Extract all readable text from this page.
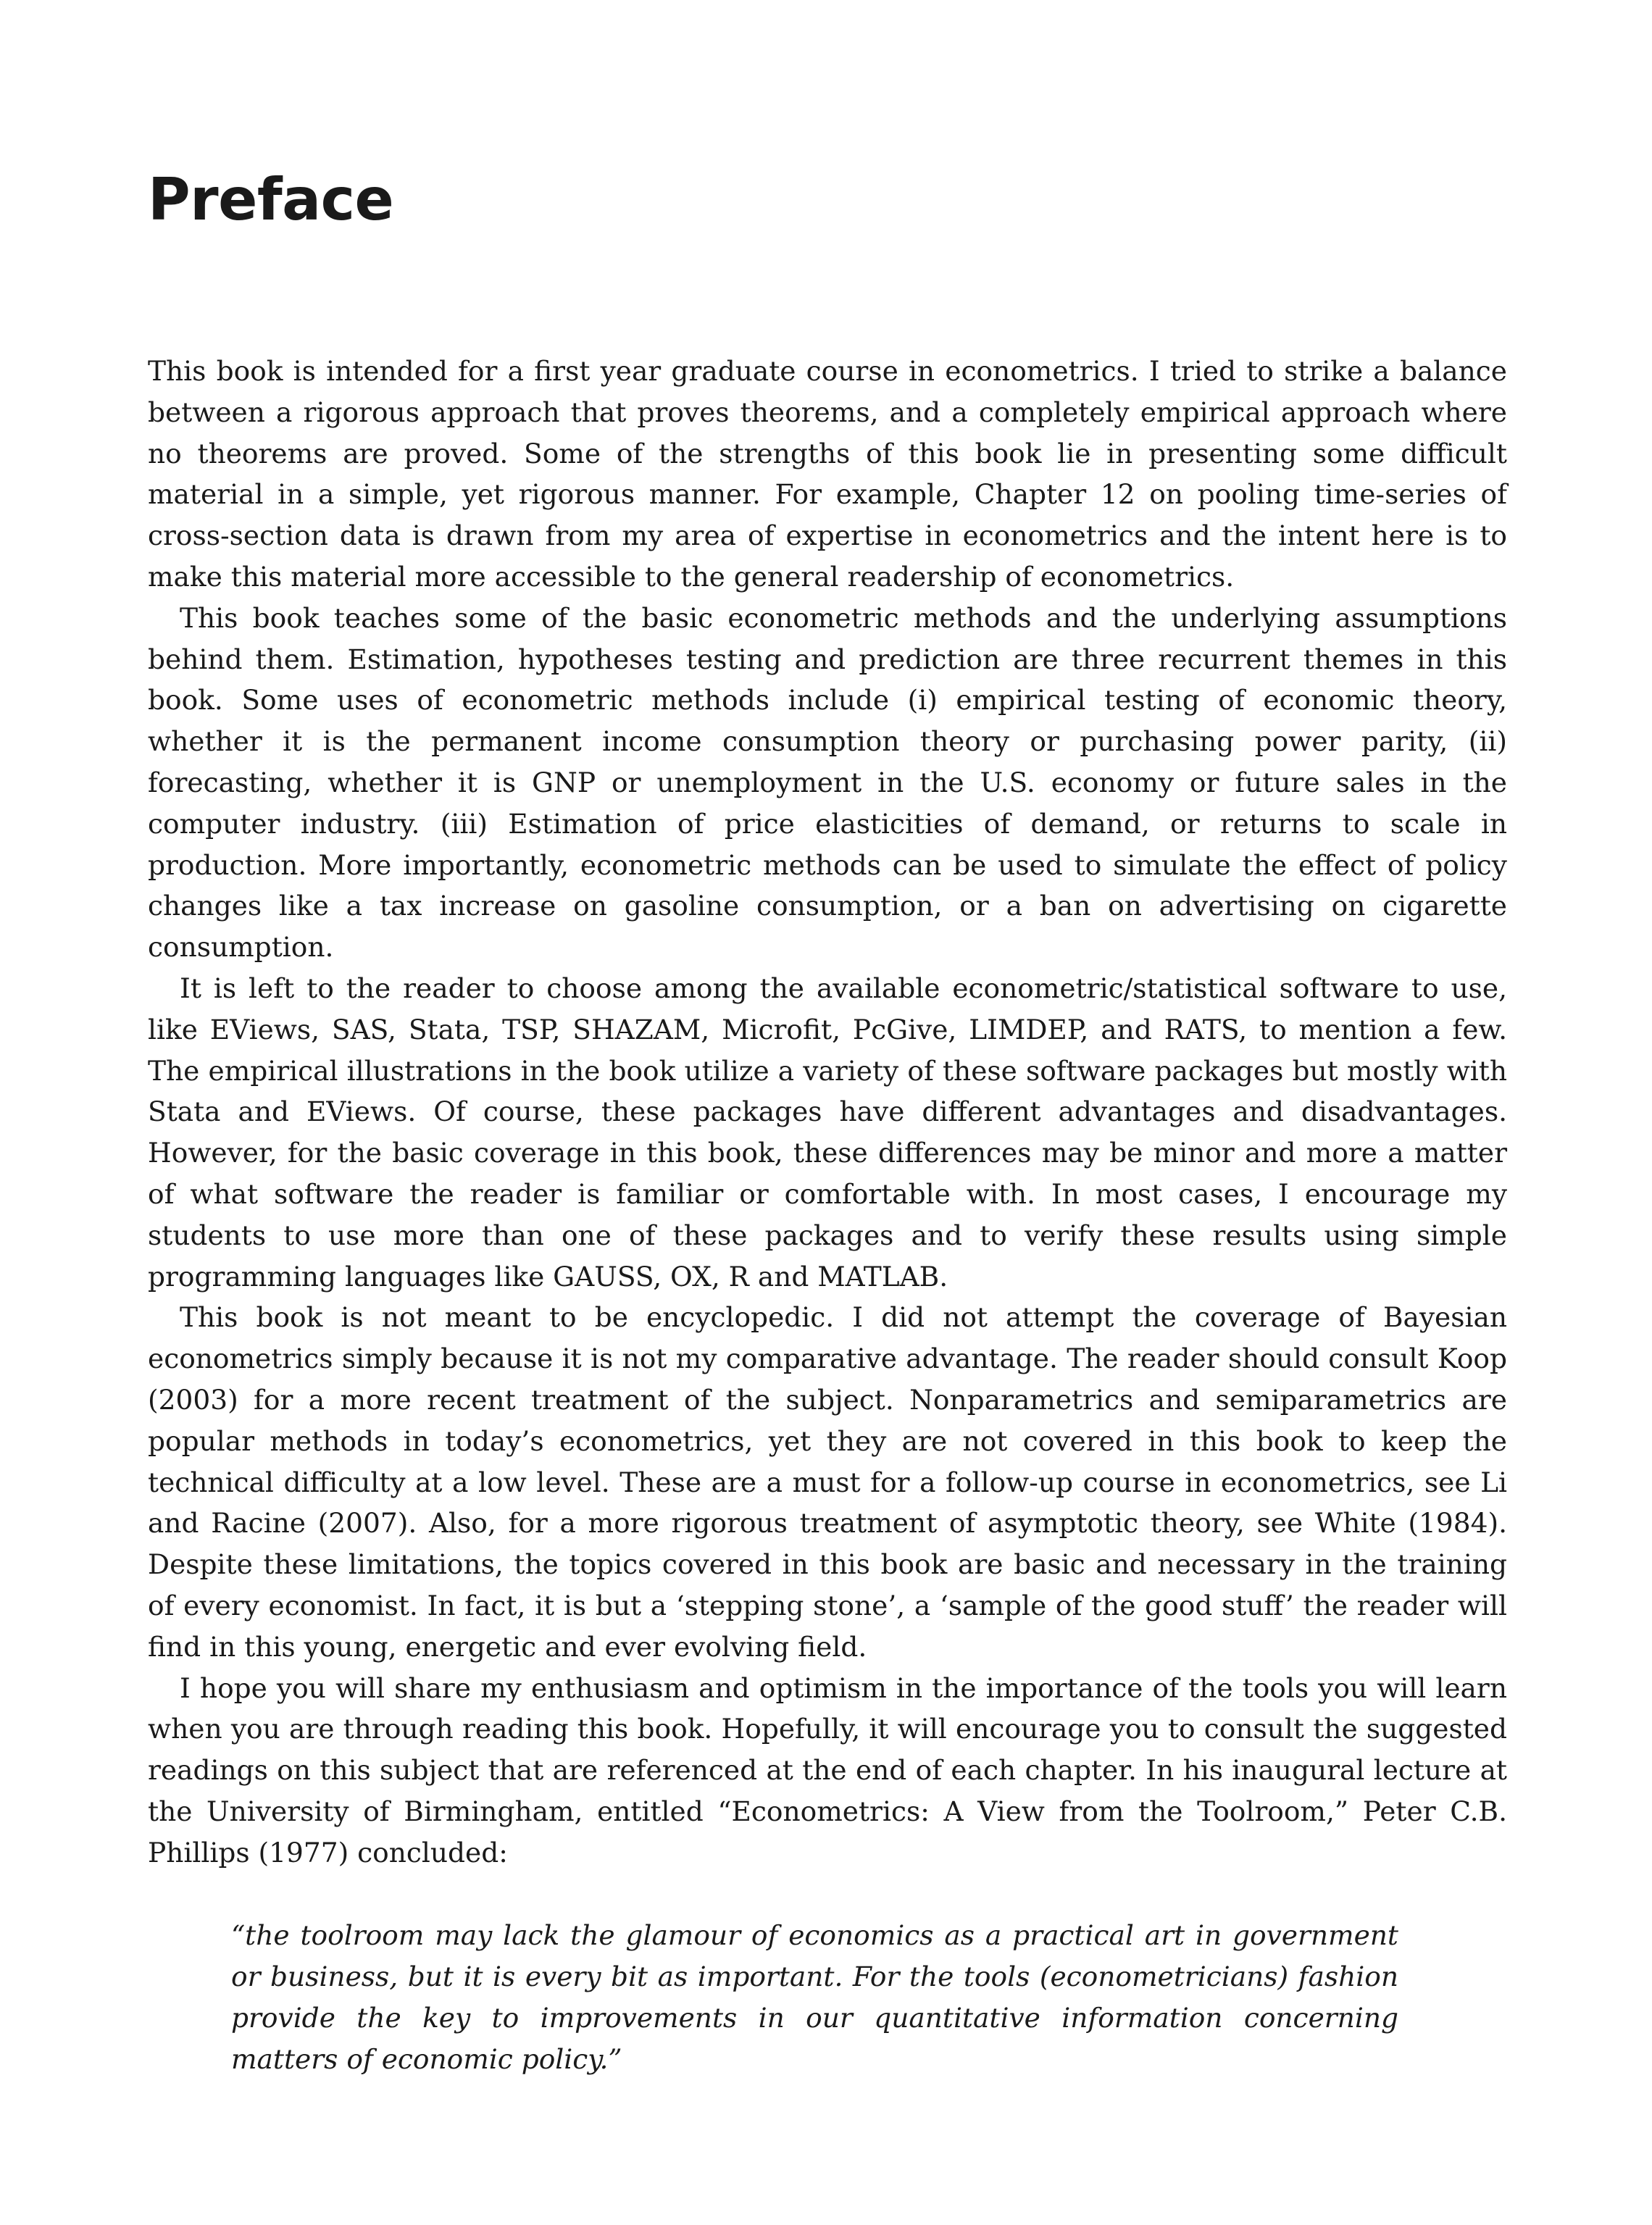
Preface

This book is intended for a first year graduate course in econometrics. I tried to strike a balance between a rigorous approach that proves theorems, and a completely empirical approach where no theorems are proved. Some of the strengths of this book lie in presenting some difficult material in a simple, yet rigorous manner. For example, Chapter 12 on pooling time-series of cross-section data is drawn from my area of expertise in econometrics and the intent here is to make this material more accessible to the general readership of econometrics.

This book teaches some of the basic econometric methods and the underlying assumptions behind them. Estimation, hypotheses testing and prediction are three recurrent themes in this book. Some uses of econometric methods include (i) empirical testing of economic theory, whether it is the permanent income consumption theory or purchasing power parity, (ii) forecasting, whether it is GNP or unemployment in the U.S. economy or future sales in the computer industry. (iii) Estimation of price elasticities of demand, or returns to scale in production. More importantly, econometric methods can be used to simulate the effect of policy changes like a tax increase on gasoline consumption, or a ban on advertising on cigarette consumption.

It is left to the reader to choose among the available econometric/statistical software to use, like EViews, SAS, Stata, TSP, SHAZAM, Microfit, PcGive, LIMDEP, and RATS, to mention a few. The empirical illustrations in the book utilize a variety of these software packages but mostly with Stata and EViews. Of course, these packages have different advantages and disadvantages. However, for the basic coverage in this book, these differences may be minor and more a matter of what software the reader is familiar or comfortable with. In most cases, I encourage my students to use more than one of these packages and to verify these results using simple programming languages like GAUSS, OX, R and MATLAB.

This book is not meant to be encyclopedic. I did not attempt the coverage of Bayesian econometrics simply because it is not my comparative advantage. The reader should consult Koop (2003) for a more recent treatment of the subject. Nonparametrics and semiparametrics are popular methods in today’s econometrics, yet they are not covered in this book to keep the technical difficulty at a low level. These are a must for a follow-up course in econometrics, see Li and Racine (2007). Also, for a more rigorous treatment of asymptotic theory, see White (1984). Despite these limitations, the topics covered in this book are basic and necessary in the training of every economist. In fact, it is but a ‘stepping stone’, a ‘sample of the good stuff’ the reader will find in this young, energetic and ever evolving field.

I hope you will share my enthusiasm and optimism in the importance of the tools you will learn when you are through reading this book. Hopefully, it will encourage you to consult the suggested readings on this subject that are referenced at the end of each chapter. In his inaugural lecture at the University of Birmingham, entitled “Econometrics: A View from the Toolroom,” Peter C.B. Phillips (1977) concluded:

“the toolroom may lack the glamour of economics as a practical art in government or business, but it is every bit as important. For the tools (econometricians) fashion provide the key to improvements in our quantitative information concerning matters of economic policy.”
